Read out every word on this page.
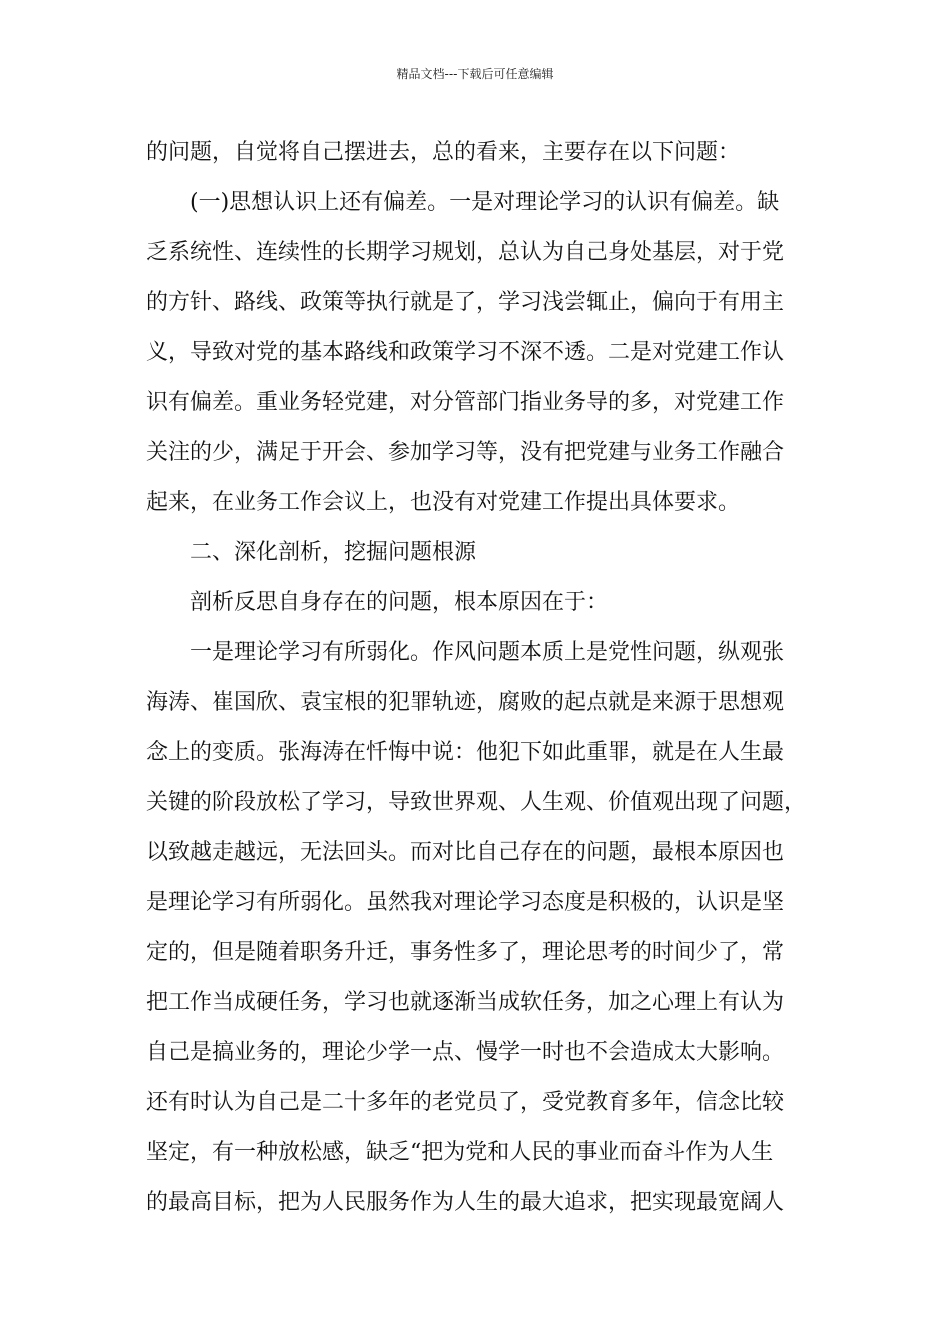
精品文档---下载后可任意编辑
的问题，自觉将自己摆进去，总的看来，主要存在以下问题：
(一)思想认识上还有偏差。一是对理论学习的认识有偏差。缺
乏系统性、连续性的长期学习规划，总认为自己身处基层，对于党
的方针、路线、政策等执行就是了，学习浅尝辄止，偏向于有用主
义，导致对党的基本路线和政策学习不深不透。二是对党建工作认
识有偏差。重业务轻党建，对分管部门指业务导的多，对党建工作
关注的少，满足于开会、参加学习等，没有把党建与业务工作融合
起来，在业务工作会议上，也没有对党建工作提出具体要求。
二、深化剖析，挖掘问题根源
剖析反思自身存在的问题，根本原因在于：
一是理论学习有所弱化。作风问题本质上是党性问题，纵观张
海涛、崔国欣、袁宝根的犯罪轨迹，腐败的起点就是来源于思想观
念上的变质。张海涛在忏悔中说：他犯下如此重罪，就是在人生最
关键的阶段放松了学习，导致世界观、人生观、价值观出现了问题，
以致越走越远，无法回头。而对比自己存在的问题，最根本原因也
是理论学习有所弱化。虽然我对理论学习态度是积极的，认识是坚
定的，但是随着职务升迁，事务性多了，理论思考的时间少了，常
把工作当成硬任务，学习也就逐渐当成软任务，加之心理上有认为
自己是搞业务的，理论少学一点、慢学一时也不会造成太大影响。
还有时认为自己是二十多年的老党员了，受党教育多年，信念比较
坚定，有一种放松感，缺乏“把为党和人民的事业而奋斗作为人生
的最高目标，把为人民服务作为人生的最大追求，把实现最宽阔人
